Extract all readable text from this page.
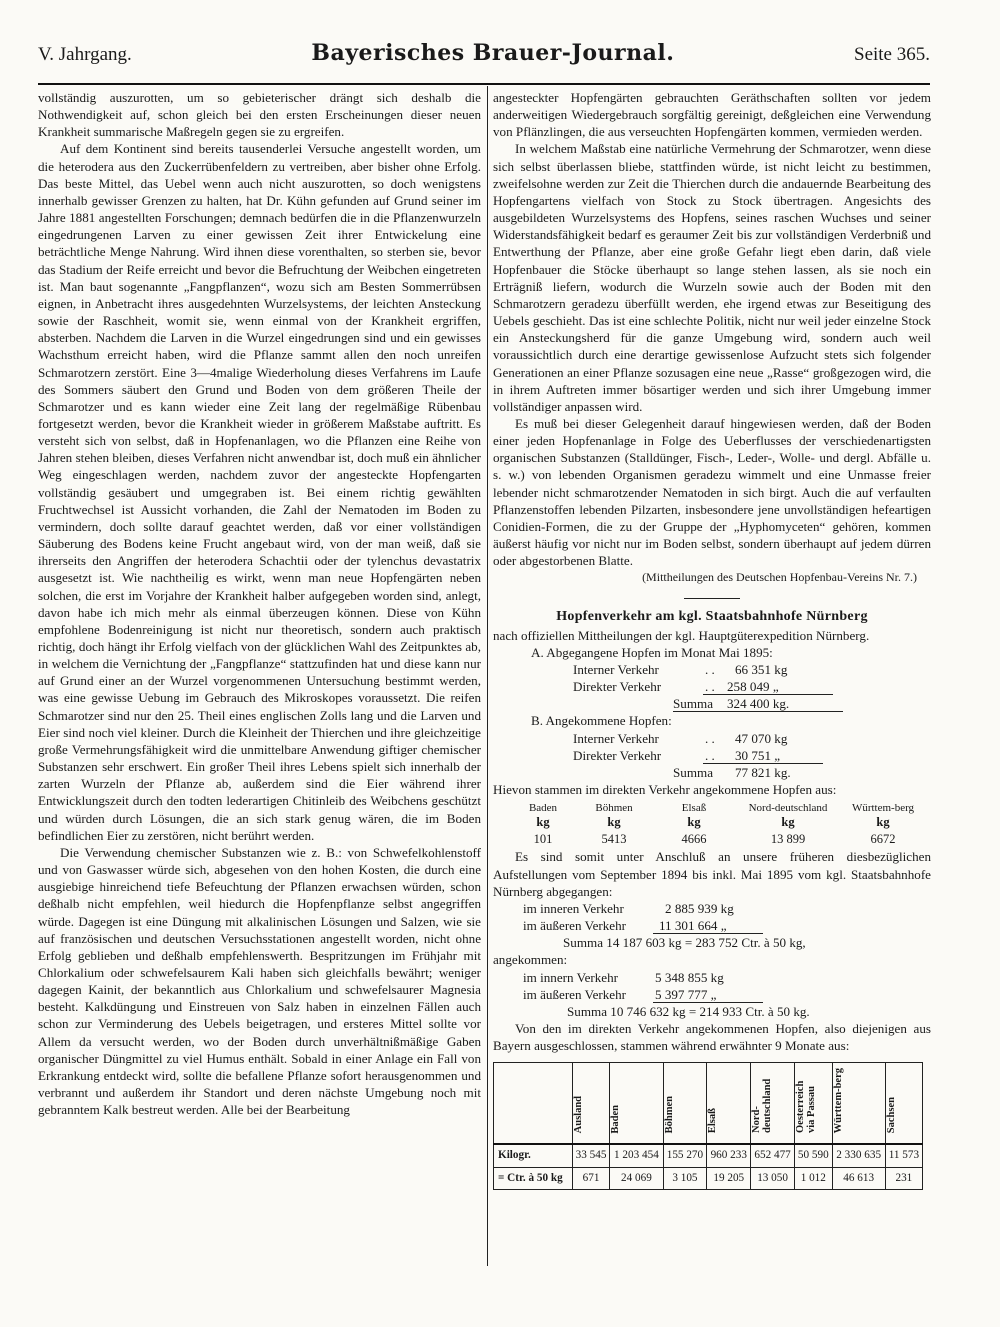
V. Jahrgang.	Bayerisches Brauer-Journal.	Seite 365.

vollständig auszurotten, um so gebieterischer drängt sich deshalb die Nothwendigkeit auf, schon gleich bei den ersten Erscheinungen dieser neuen Krankheit summarische Maßregeln gegen sie zu ergreifen.

Auf dem Kontinent sind bereits tausenderlei Versuche angestellt worden, um die heterodera aus den Zuckerrübenfeldern zu vertreiben, aber bisher ohne Erfolg. Das beste Mittel, das Uebel wenn auch nicht auszurotten, so doch wenigstens innerhalb gewisser Grenzen zu halten, hat Dr. Kühn gefunden auf Grund seiner im Jahre 1881 angestellten Forschungen; demnach bedürfen die in die Pflanzenwurzeln eingedrungenen Larven zu einer gewissen Zeit ihrer Entwickelung eine beträchtliche Menge Nahrung. Wird ihnen diese vorenthalten, so sterben sie, bevor das Stadium der Reife erreicht und bevor die Befruchtung der Weibchen eingetreten ist. Man baut sogenannte „Fangpflanzen“, wozu sich am Besten Sommerrübsen eignen, in Anbetracht ihres ausgedehnten Wurzelsystems, der leichten Ansteckung sowie der Raschheit, womit sie, wenn einmal von der Krankheit ergriffen, absterben. Nachdem die Larven in die Wurzel eingedrungen sind und ein gewisses Wachsthum erreicht haben, wird die Pflanze sammt allen den noch unreifen Schmarotzern zerstört. Eine 3—4malige Wiederholung dieses Verfahrens im Laufe des Sommers säubert den Grund und Boden von dem größeren Theile der Schmarotzer und es kann wieder eine Zeit lang der regelmäßige Rübenbau fortgesetzt werden, bevor die Krankheit wieder in größerem Maßstabe auftritt. Es versteht sich von selbst, daß in Hopfenanlagen, wo die Pflanzen eine Reihe von Jahren stehen bleiben, dieses Verfahren nicht anwendbar ist, doch muß ein ähnlicher Weg eingeschlagen werden, nachdem zuvor der angesteckte Hopfengarten vollständig gesäubert und umgegraben ist. Bei einem richtig gewählten Fruchtwechsel ist Aussicht vorhanden, die Zahl der Nematoden im Boden zu vermindern, doch sollte darauf geachtet werden, daß vor einer vollständigen Säuberung des Bodens keine Frucht angebaut wird, von der man weiß, daß sie ihrerseits den Angriffen der heterodera Schachtii oder der tylenchus devastatrix ausgesetzt ist. Wie nachtheilig es wirkt, wenn man neue Hopfengärten neben solchen, die erst im Vorjahre der Krankheit halber aufgegeben worden sind, anlegt, davon habe ich mich mehr als einmal überzeugen können. Diese von Kühn empfohlene Bodenreinigung ist nicht nur theoretisch, sondern auch praktisch richtig, doch hängt ihr Erfolg vielfach von der glücklichen Wahl des Zeitpunktes ab, in welchem die Vernichtung der „Fangpflanze“ stattzufinden hat und diese kann nur auf Grund einer an der Wurzel vorgenommenen Untersuchung bestimmt werden, was eine gewisse Uebung im Gebrauch des Mikroskopes voraussetzt. Die reifen Schmarotzer sind nur den 25. Theil eines englischen Zolls lang und die Larven und Eier sind noch viel kleiner. Durch die Kleinheit der Thierchen und ihre gleichzeitige große Vermehrungsfähigkeit wird die unmittelbare Anwendung giftiger chemischer Substanzen sehr erschwert. Ein großer Theil ihres Lebens spielt sich innerhalb der zarten Wurzeln der Pflanze ab, außerdem sind die Eier während ihrer Entwicklungszeit durch den todten lederartigen Chitinleib des Weibchens geschützt und würden durch Lösungen, die an sich stark genug wären, die im Boden befindlichen Eier zu zerstören, nicht berührt werden.

Die Verwendung chemischer Substanzen wie z. B.: von Schwefelkohlenstoff und von Gaswasser würde sich, abgesehen von den hohen Kosten, die durch eine ausgiebige hinreichend tiefe Befeuchtung der Pflanzen erwachsen würden, schon deßhalb nicht empfehlen, weil hiedurch die Hopfenpflanze selbst angegriffen würde. Dagegen ist eine Düngung mit alkalinischen Lösungen und Salzen, wie sie auf französischen und deutschen Versuchsstationen angestellt worden, nicht ohne Erfolg geblieben und deßhalb empfehlenswerth. Bespritzungen im Frühjahr mit Chlorkalium oder schwefelsaurem Kali haben sich gleichfalls bewährt; weniger dagegen Kainit, der bekanntlich aus Chlorkalium und schwefelsaurer Magnesia besteht. Kalkdüngung und Einstreuen von Salz haben in einzelnen Fällen auch schon zur Verminderung des Uebels beigetragen, und ersteres Mittel sollte vor Allem da versucht werden, wo der Boden durch unverhältnißmäßige Gaben organischer Düngmittel zu viel Humus enthält. Sobald in einer Anlage ein Fall von Erkrankung entdeckt wird, sollte die befallene Pflanze sofort herausgenommen und verbrannt und außerdem ihr Standort und deren nächste Umgebung noch mit gebranntem Kalk bestreut werden. Alle bei der Bearbeitung

angesteckter Hopfengärten gebrauchten Geräthschaften sollten vor jedem anderweitigen Wiedergebrauch sorgfältig gereinigt, deßgleichen eine Verwendung von Pflänzlingen, die aus verseuchten Hopfengärten kommen, vermieden werden.

In welchem Maßstab eine natürliche Vermehrung der Schmarotzer, wenn diese sich selbst überlassen bliebe, stattfinden würde, ist nicht leicht zu bestimmen, zweifelsohne werden zur Zeit die Thierchen durch die andauernde Bearbeitung des Hopfengartens vielfach von Stock zu Stock übertragen. Angesichts des ausgebildeten Wurzelsystems des Hopfens, seines raschen Wuchses und seiner Widerstandsfähigkeit bedarf es geraumer Zeit bis zur vollständigen Verderbniß und Entwerthung der Pflanze, aber eine große Gefahr liegt eben darin, daß viele Hopfenbauer die Stöcke überhaupt so lange stehen lassen, als sie noch ein Erträgniß liefern, wodurch die Wurzeln sowie auch der Boden mit den Schmarotzern geradezu überfüllt werden, ehe irgend etwas zur Beseitigung des Uebels geschieht. Das ist eine schlechte Politik, nicht nur weil jeder einzelne Stock ein Ansteckungsherd für die ganze Umgebung wird, sondern auch weil voraussichtlich durch eine derartige gewissenlose Aufzucht stets sich folgender Generationen an einer Pflanze sozusagen eine neue „Rasse“ großgezogen wird, die in ihrem Auftreten immer bösartiger werden und sich ihrer Umgebung immer vollständiger anpassen wird.

Es muß bei dieser Gelegenheit darauf hingewiesen werden, daß der Boden einer jeden Hopfenanlage in Folge des Ueberflusses der verschiedenartigsten organischen Substanzen (Stalldünger, Fisch-, Leder-, Wolle- und dergl. Abfälle u. s. w.) von lebenden Organismen geradezu wimmelt und eine Unmasse freier lebender nicht schmarotzender Nematoden in sich birgt. Auch die auf verfaulten Pflanzenstoffen lebenden Pilzarten, insbesondere jene unvollständigen hefeartigen Conidien-Formen, die zu der Gruppe der „Hyphomyceten“ gehören, kommen äußerst häufig vor nicht nur im Boden selbst, sondern überhaupt auf jedem dürren oder abgestorbenen Blatte.

(Mittheilungen des Deutschen Hopfenbau-Vereins Nr. 7.)

Hopfenverkehr am kgl. Staatsbahnhofe Nürnberg

nach offiziellen Mittheilungen der kgl. Hauptgüterexpedition Nürnberg.

A. Abgegangene Hopfen im Monat Mai 1895:

Interner Verkehr	. . 66 351 kg
Direkter Verkehr	. . 258 049 „
Summa 324 400 kg.

B. Angekommene Hopfen:

Interner Verkehr	. . 47 070 kg
Direkter Verkehr	. . 30 751 „
Summa 77 821 kg.

Hievon stammen im direkten Verkehr angekommene Hopfen aus:

Baden	Böhmen	Elsaß	Nord-deutschland	Württem-berg
kg	kg	kg	kg	kg
101	5413	4666	13 899	6672

Es sind somit unter Anschluß an unsere früheren diesbezüglichen Aufstellungen vom September 1894 bis inkl. Mai 1895 vom kgl. Staatsbahnhofe Nürnberg abgegangen:

im inneren Verkehr	2 885 939 kg
im äußeren Verkehr	11 301 664 „
Summa 14 187 603 kg = 283 752 Ctr. à 50 kg,

angekommen:

im innern Verkehr	5 348 855 kg
im äußeren Verkehr 5 397 777 „
Summa 10 746 632 kg = 214 933 Ctr. à 50 kg.

Von den im direkten Verkehr angekommenen Hopfen, also diejenigen aus Bayern ausgeschlossen, stammen während erwähnter 9 Monate aus:

	Ausland	Baden	Böhmen	Elsaß	Nord-deutschland	Oesterreich via Passau	Württem-berg	Sachsen
Kilogr.	33 545	1 203 454	155 270	960 233	652 477	50 590	2 330 635	11 573
= Ctr. à 50 kg	671	24 069	3 105	19 205	13 050	1 012	46 613	231
